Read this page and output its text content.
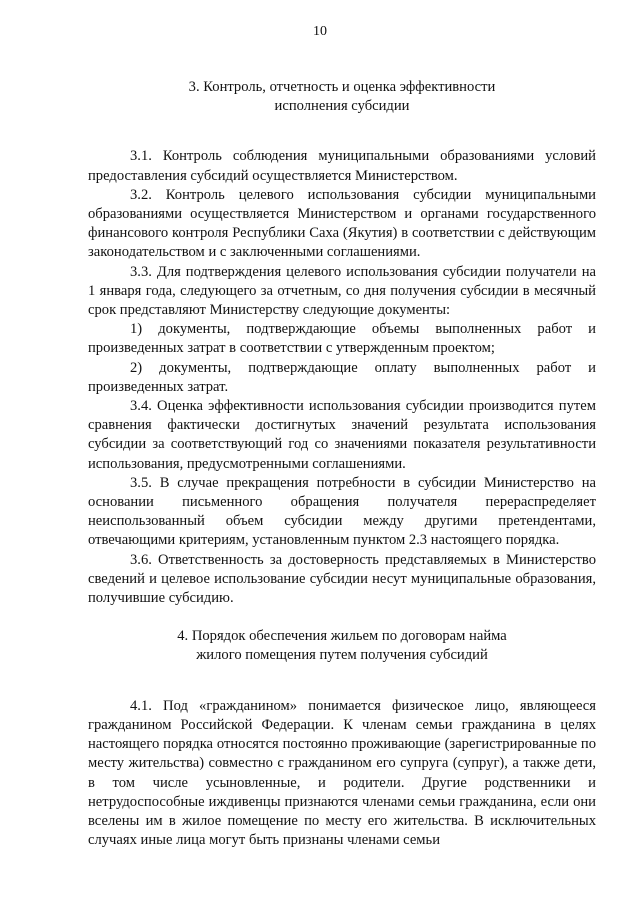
10
3. Контроль, отчетность и оценка эффективности
исполнения субсидии

3.1. Контроль соблюдения муниципальными образованиями условий предоставления субсидий осуществляется Министерством.

3.2. Контроль целевого использования субсидии муниципальными образованиями осуществляется Министерством и органами государственного финансового контроля Республики Саха (Якутия) в соответствии с действующим законодательством и с заключенными соглашениями.

3.3. Для подтверждения целевого использования субсидии получатели на 1 января года, следующего за отчетным, со дня получения субсидии в месячный срок представляют Министерству следующие документы:

1) документы, подтверждающие объемы выполненных работ и произведенных затрат в соответствии с утвержденным проектом;

2) документы, подтверждающие оплату выполненных работ и произведенных затрат.

3.4. Оценка эффективности использования субсидии производится путем сравнения фактически достигнутых значений результата использования субсидии за соответствующий год со значениями показателя результативности использования, предусмотренными соглашениями.

3.5. В случае прекращения потребности в субсидии Министерство на основании письменного обращения получателя перераспределяет неиспользованный объем субсидии между другими претендентами, отвечающими критериям, установленным пунктом 2.3 настоящего порядка.

3.6. Ответственность за достоверность представляемых в Министерство сведений и целевое использование субсидии несут муниципальные образования, получившие субсидию.

4. Порядок обеспечения жильем по договорам найма
жилого помещения путем получения субсидий

4.1. Под «гражданином» понимается физическое лицо, являющееся гражданином Российской Федерации. К членам семьи гражданина в целях настоящего порядка относятся постоянно проживающие (зарегистрированные по месту жительства) совместно с гражданином его супруга (супруг), а также дети, в том числе усыновленные, и родители. Другие родственники и нетрудоспособные иждивенцы признаются членами семьи гражданина, если они вселены им в жилое помещение по месту его жительства. В исключительных случаях иные лица могут быть признаны членами семьи
